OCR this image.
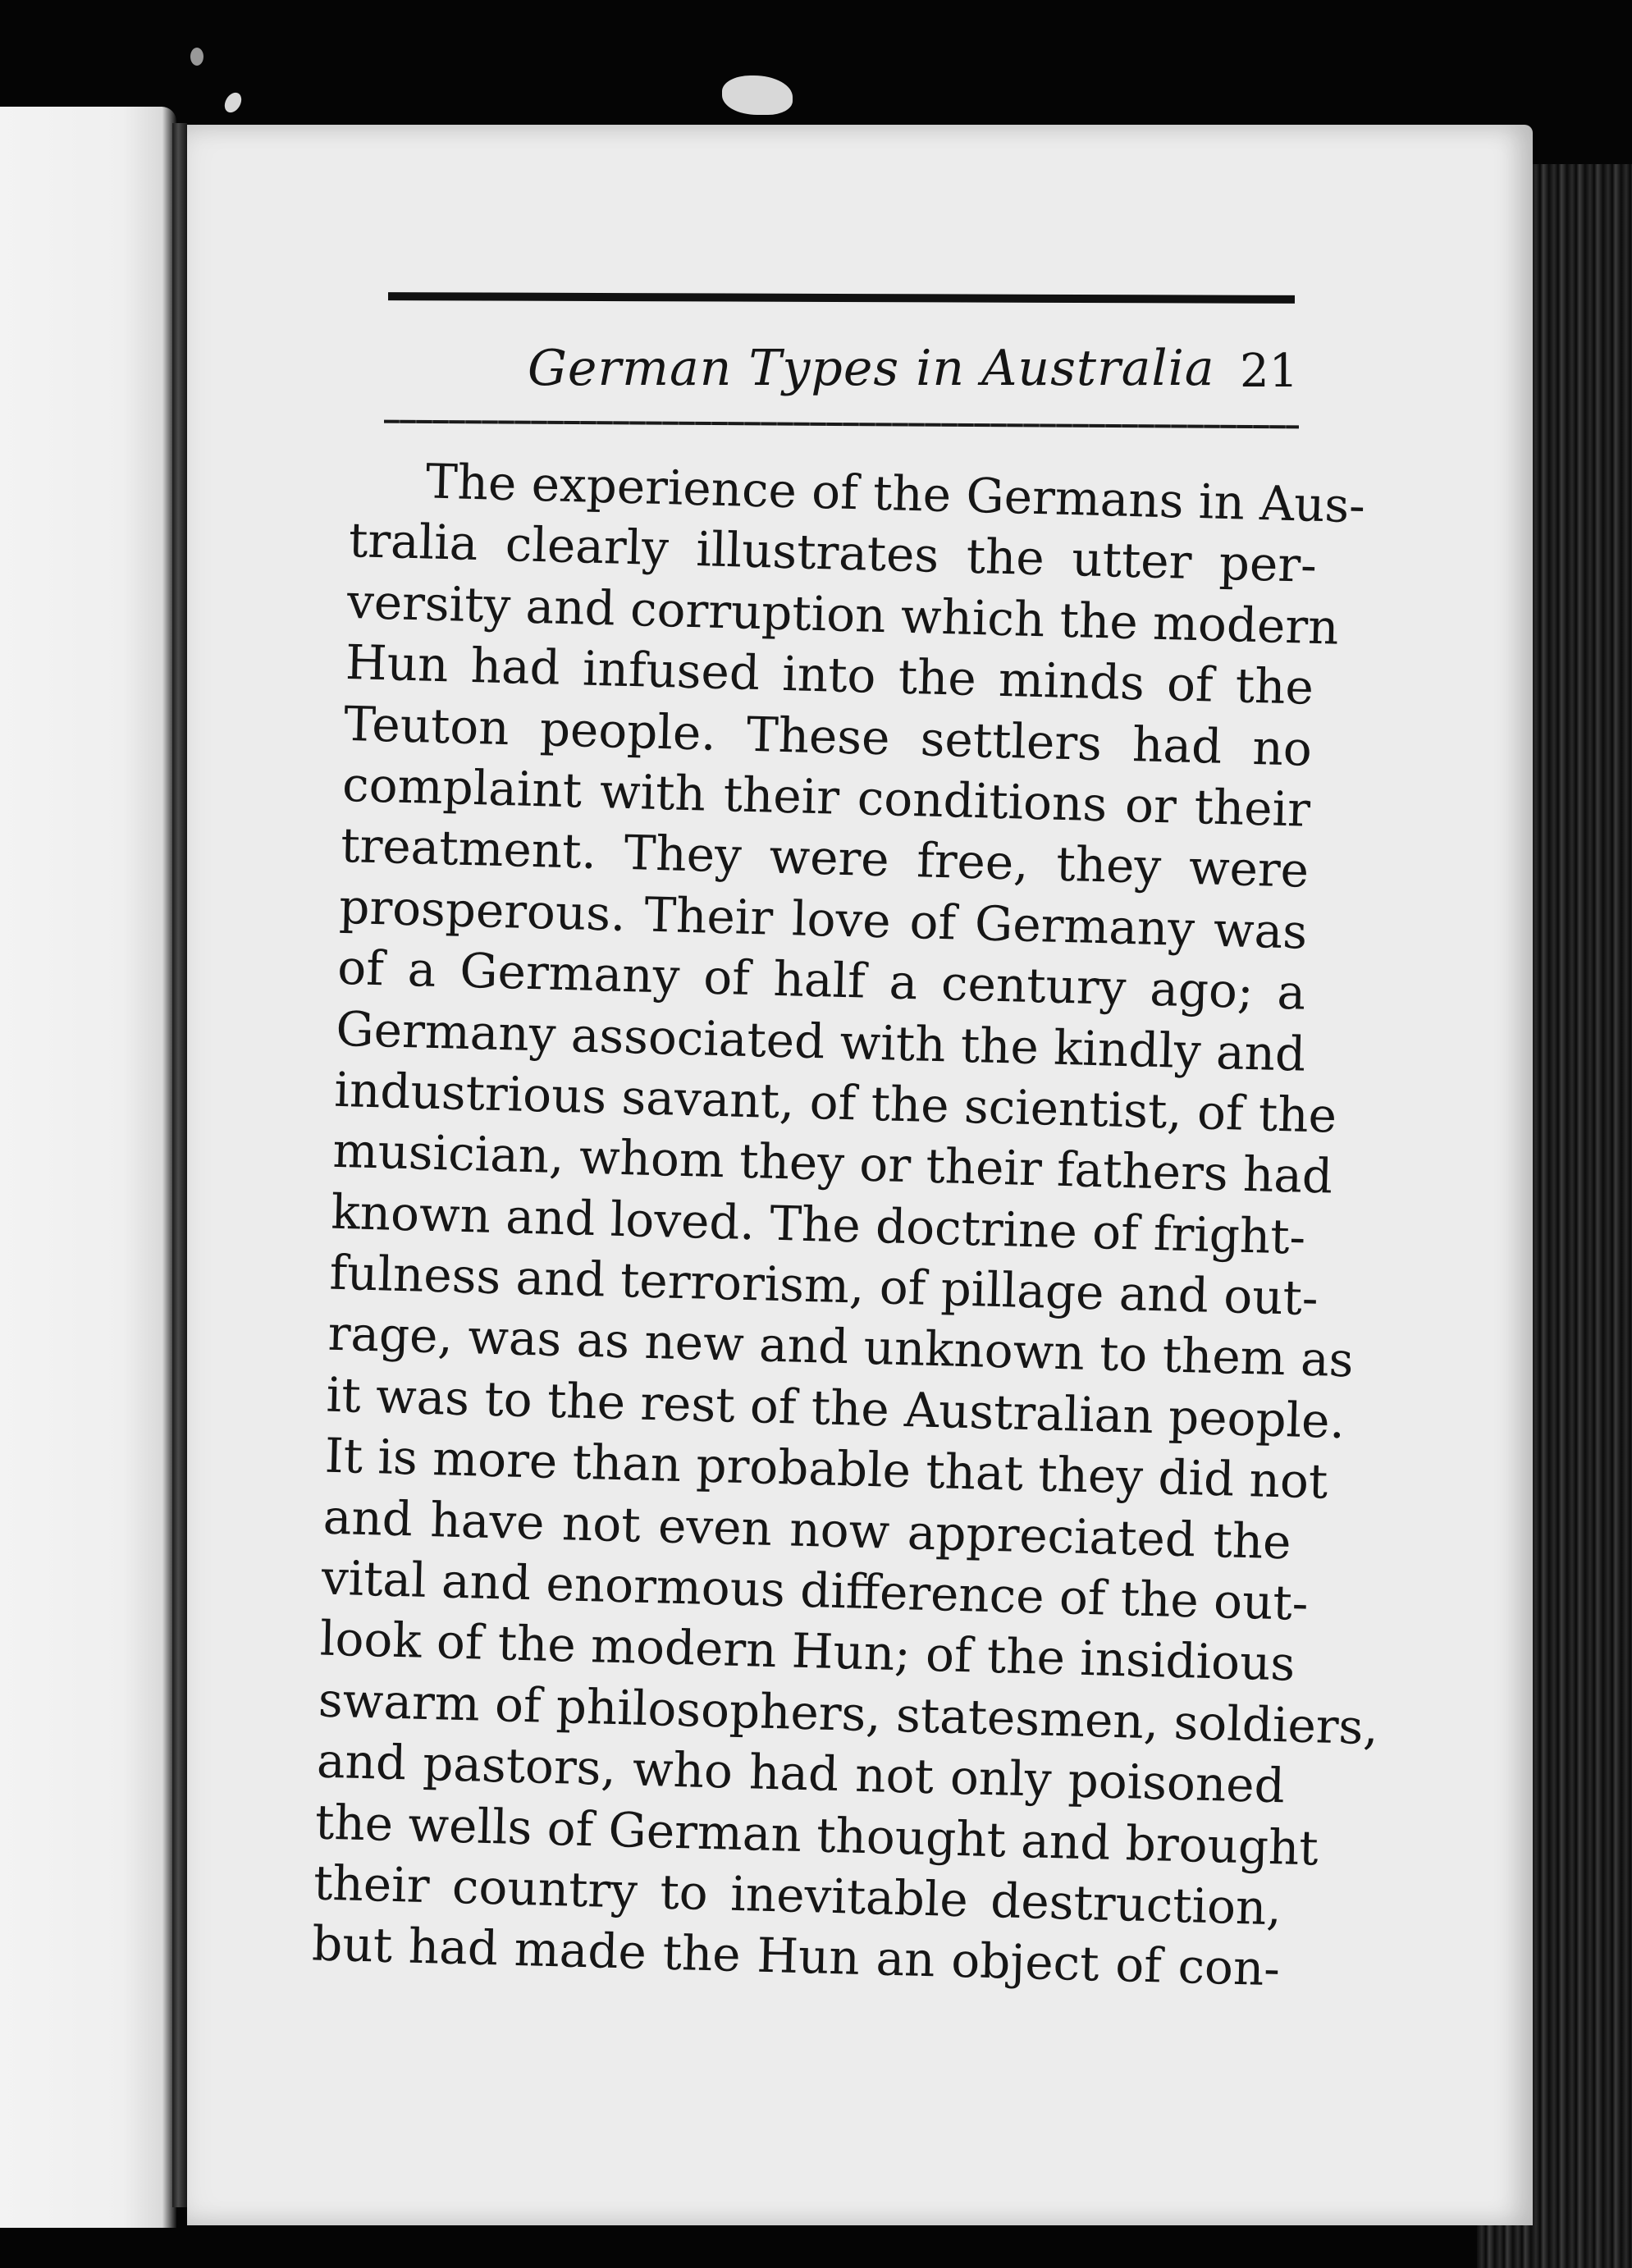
German Types in Australia 21
The experience of the Germans in Aus-
tralia clearly illustrates the utter per-
versity and corruption which the modern
Hun had infused into the minds of the
Teuton people. These settlers had no
complaint with their conditions or their
treatment. They were free, they were
prosperous. Their love of Germany was
of a Germany of half a century ago; a
Germany associated with the kindly and
industrious savant, of the scientist, of the
musician, whom they or their fathers had
known and loved. The doctrine of fright-
fulness and terrorism, of pillage and out-
rage, was as new and unknown to them as
it was to the rest of the Australian people.
It is more than probable that they did not
and have not even now appreciated the
vital and enormous difference of the out-
look of the modern Hun; of the insidious
swarm of philosophers, statesmen, soldiers,
and pastors, who had not only poisoned
the wells of German thought and brought
their country to inevitable destruction,
but had made the Hun an object of con-
